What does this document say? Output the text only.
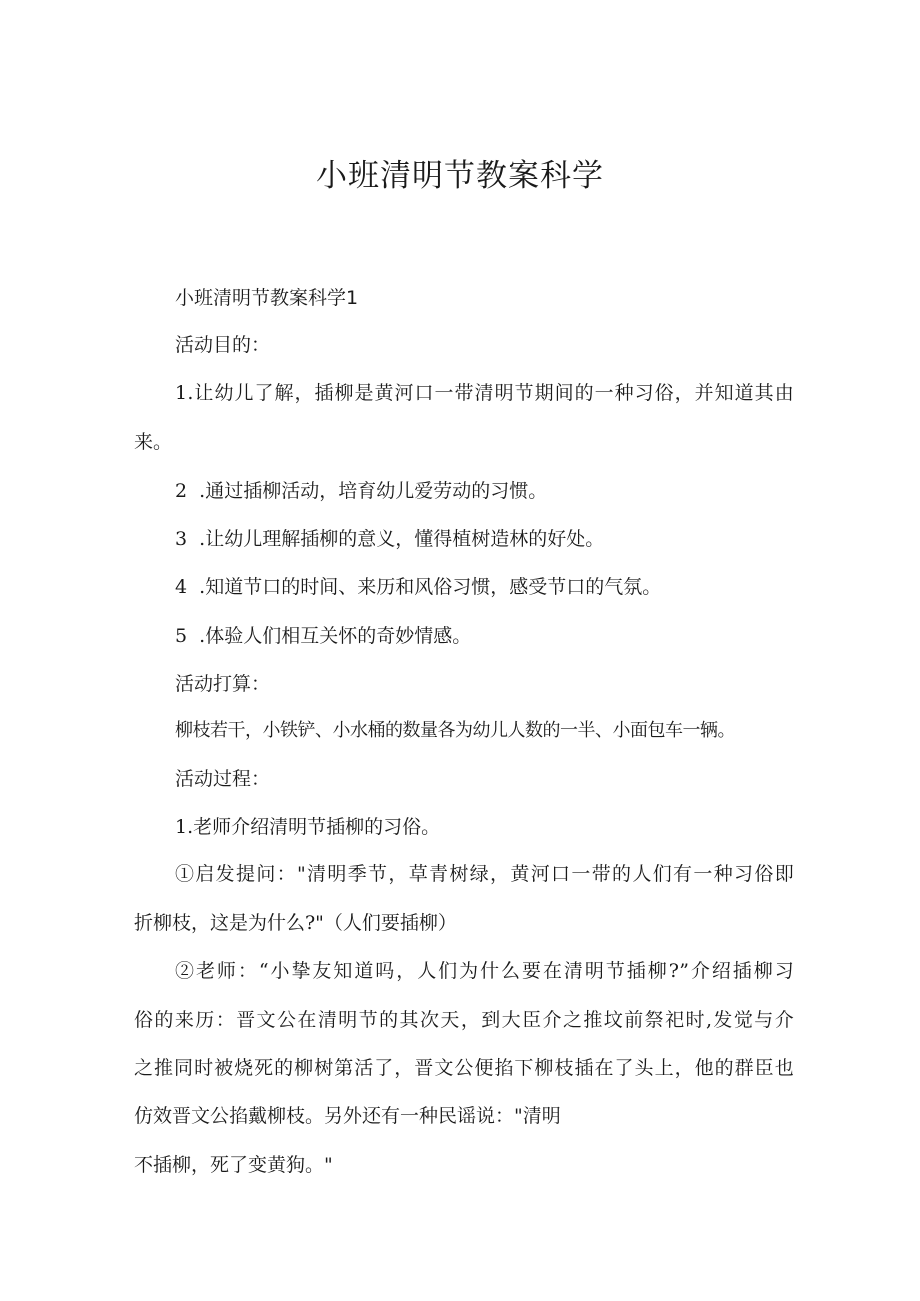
小班清明节教案科学

小班清明节教案科学1

活动目的：

1.让幼儿了解，插柳是黄河口一带清明节期间的一种习俗，并知道其由

来。

2  .通过插柳活动，培育幼儿爱劳动的习惯。

3  .让幼儿理解插柳的意义，懂得植树造林的好处。

4  .知道节口的时间、来历和风俗习惯，感受节口的气氛。

5  .体验人们相互关怀的奇妙情感。

活动打算：

柳枝若干，小铁铲、小水桶的数量各为幼儿人数的一半、小面包车一辆。

活动过程：

1.老师介绍清明节插柳的习俗。

①启发提问："清明季节，草青树绿，黄河口一带的人们有一种习俗即

折柳枝，这是为什么?"（人们要插柳）

②老师：“小挚友知道吗，人们为什么要在清明节插柳?”介绍插柳习

俗的来历：晋文公在清明节的其次天，到大臣介之推坟前祭祀时,发觉与介

之推同时被烧死的柳树第活了，晋文公便掐下柳枝插在了头上，他的群臣也

仿效晋文公掐戴柳枝。另外还有一种民谣说："清明

不插柳，死了变黄狗。"
